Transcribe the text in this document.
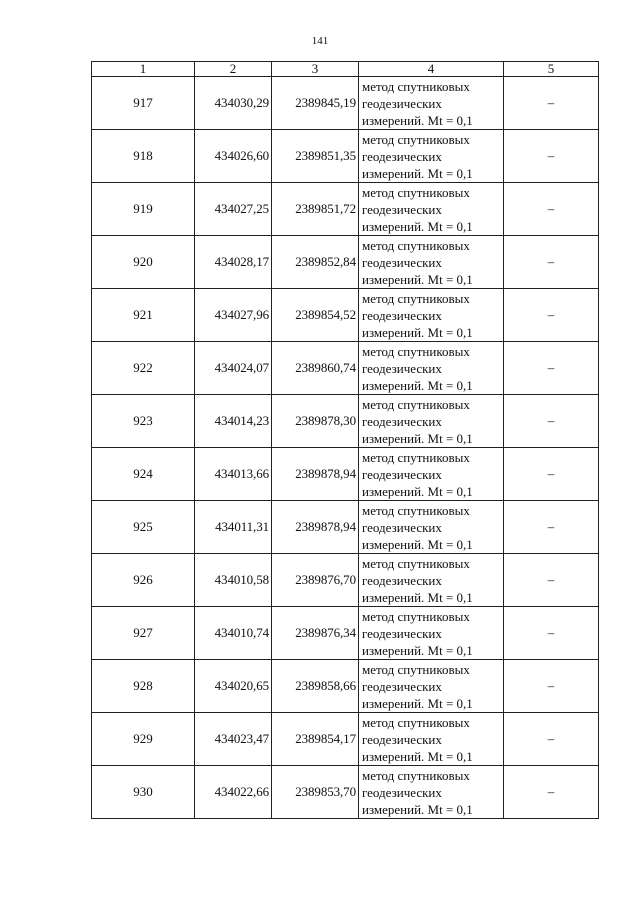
141
1	2	3	4	5
917	434030,29	2389845,19	метод спутниковых
геодезических
измерений. Mt = 0,1	–
918	434026,60	2389851,35	метод спутниковых
геодезических
измерений. Mt = 0,1	–
919	434027,25	2389851,72	метод спутниковых
геодезических
измерений. Mt = 0,1	–
920	434028,17	2389852,84	метод спутниковых
геодезических
измерений. Mt = 0,1	–
921	434027,96	2389854,52	метод спутниковых
геодезических
измерений. Mt = 0,1	–
922	434024,07	2389860,74	метод спутниковых
геодезических
измерений. Mt = 0,1	–
923	434014,23	2389878,30	метод спутниковых
геодезических
измерений. Mt = 0,1	–
924	434013,66	2389878,94	метод спутниковых
геодезических
измерений. Mt = 0,1	–
925	434011,31	2389878,94	метод спутниковых
геодезических
измерений. Mt = 0,1	–
926	434010,58	2389876,70	метод спутниковых
геодезических
измерений. Mt = 0,1	–
927	434010,74	2389876,34	метод спутниковых
геодезических
измерений. Mt = 0,1	–
928	434020,65	2389858,66	метод спутниковых
геодезических
измерений. Mt = 0,1	–
929	434023,47	2389854,17	метод спутниковых
геодезических
измерений. Mt = 0,1	–
930	434022,66	2389853,70	метод спутниковых
геодезических
измерений. Mt = 0,1	–
